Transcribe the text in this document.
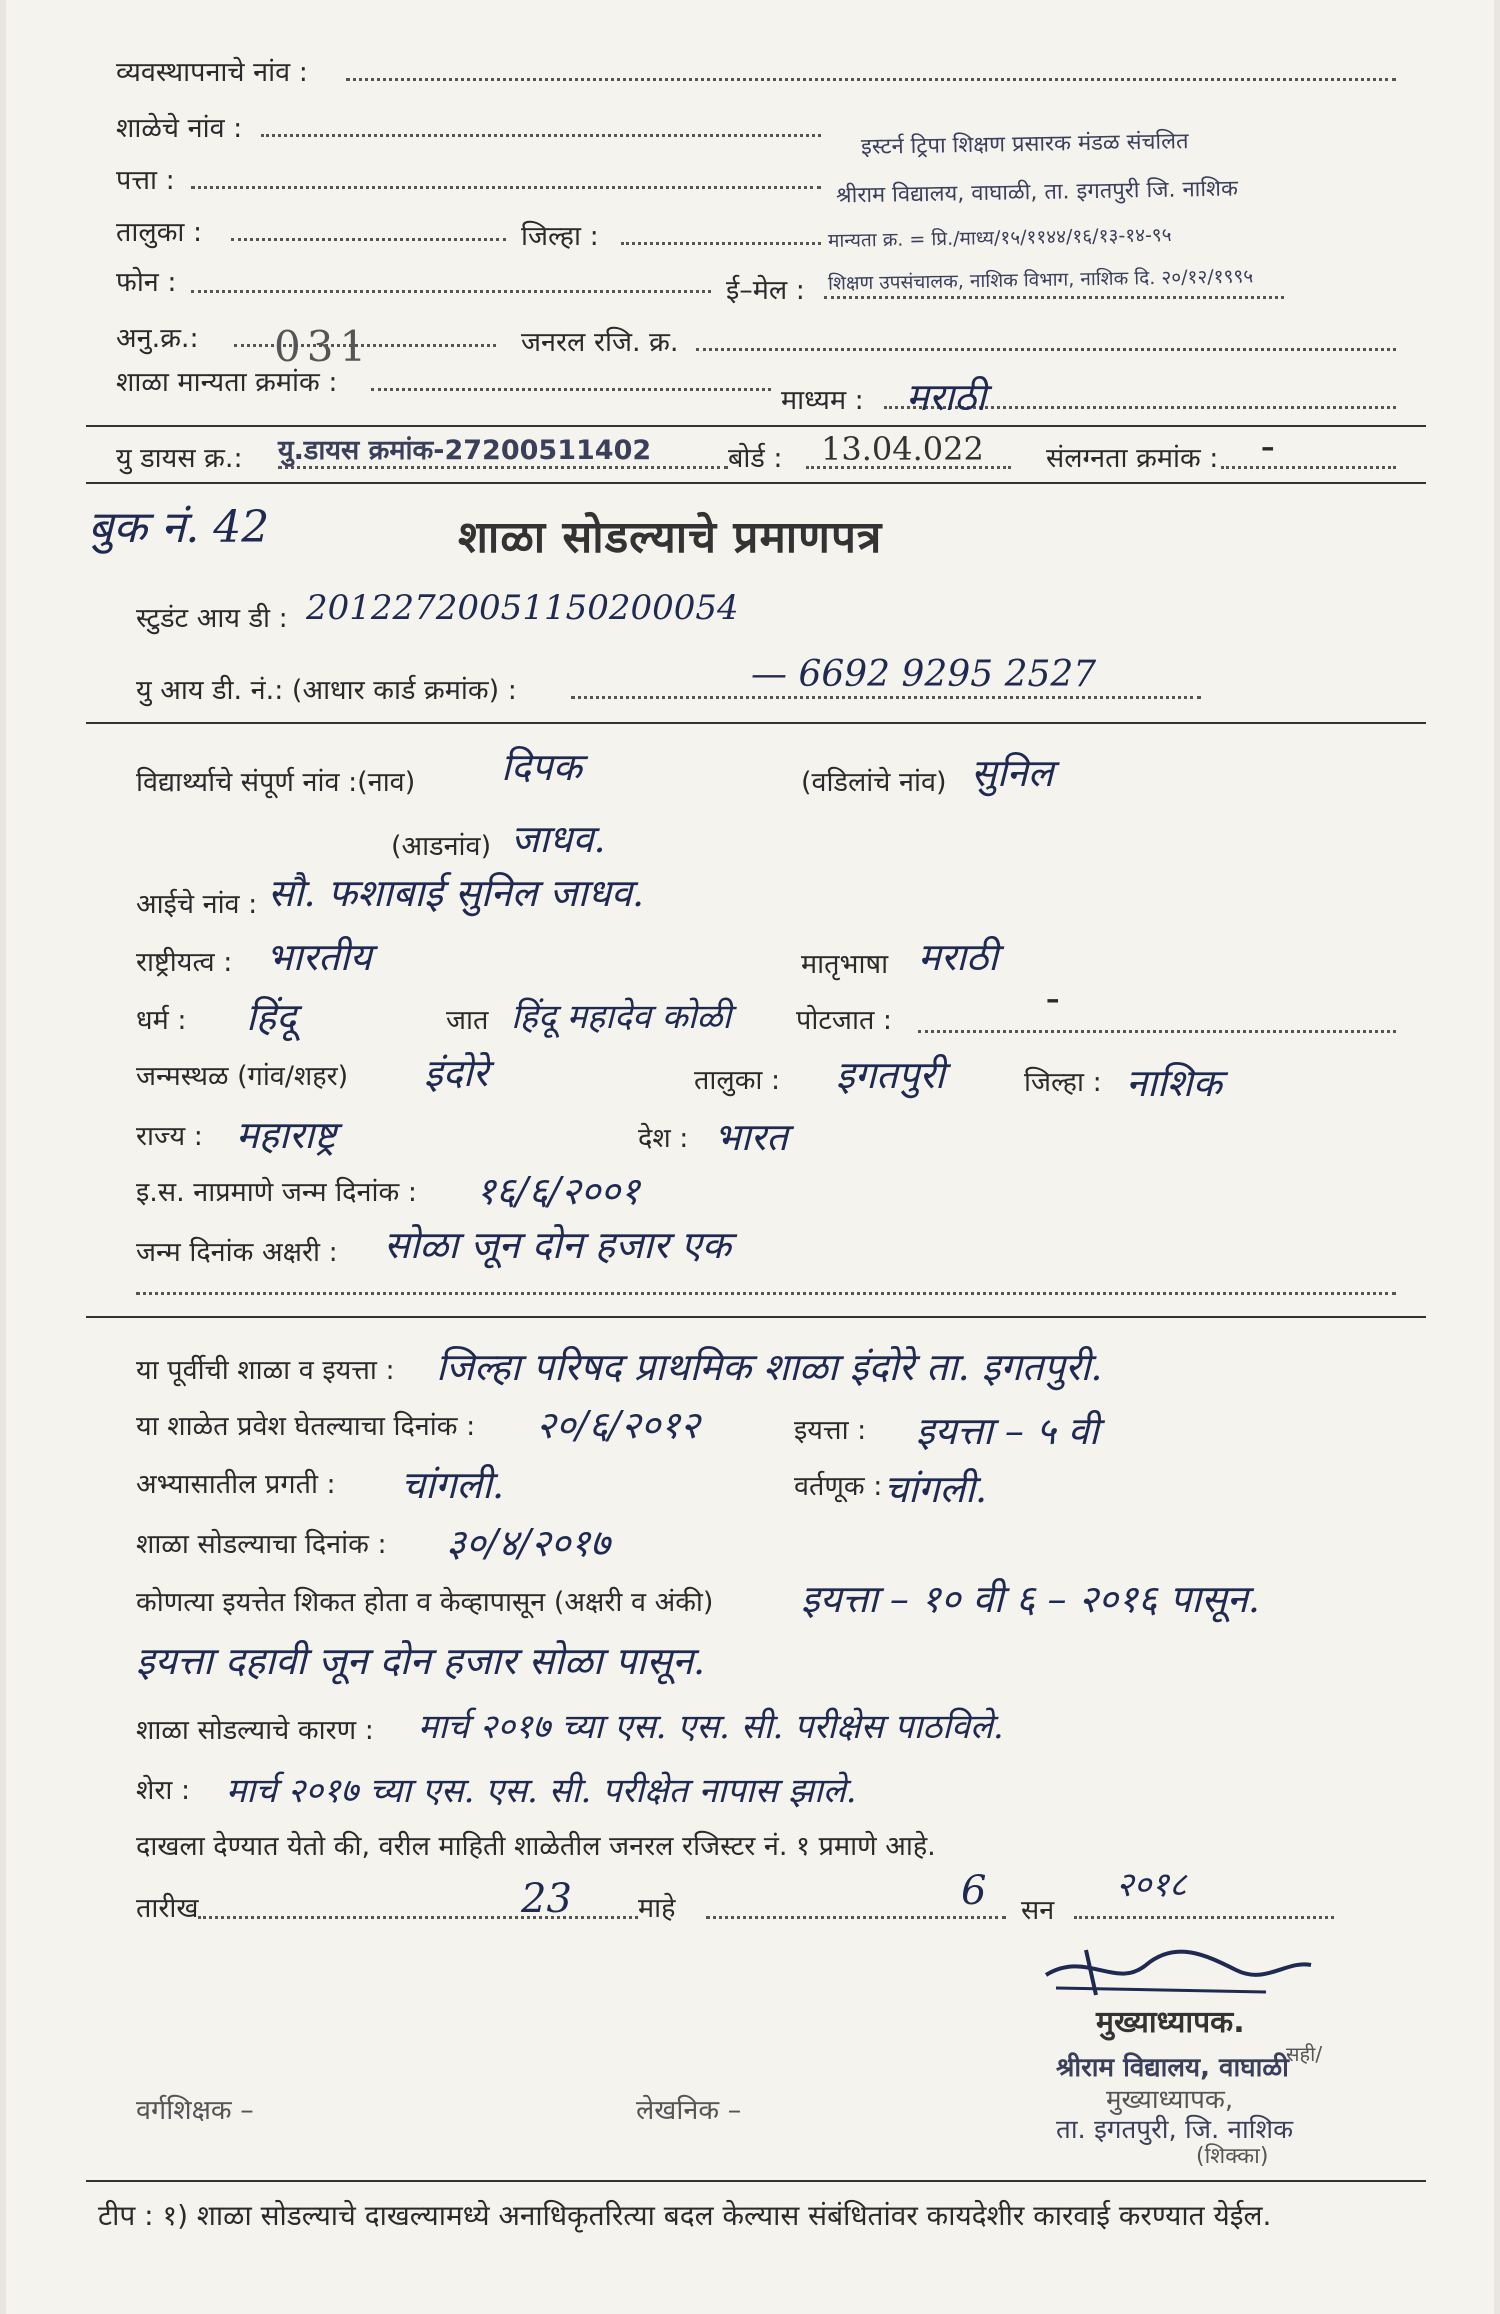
व्यवस्थापनाचे नांव :
शाळेचे नांव :
पत्ता :
तालुका :	जिल्हा :
फोन :	ई–मेल :
इस्टर्न ट्रिपा शिक्षण प्रसारक मंडळ संचलित
श्रीराम विद्यालय, वाघाळी, ता. इगतपुरी जि. नाशिक
मान्यता क्र. = प्रि./माध्य/१५/११४४/१६/१३-१४-९५
शिक्षण उपसंचालक, नाशिक विभाग, नाशिक दि. २०/१२/१९९५
अनु.क्र.: 031	जनरल रजि. क्र.
शाळा मान्यता क्रमांक :
माध्यम : मराठी
यु डायस क्र.: यु.डायस क्रमांक-27200511402	बोर्ड : 13.04.022 संलग्नता क्रमांक : –
बुक नं. 42	शाळा सोडल्याचे प्रमाणपत्र
स्टुडंट आय डी : 20122720051150200054
यु आय डी. नं.: (आधार कार्ड क्रमांक) :	— 6692 9295 2527
विद्यार्थ्याचे संपूर्ण नांव :(नाव) दिपक	(वडिलांचे नांव) सुनिल
(आडनांव) जाधव.
आईचे नांव : सौ. फशाबाई सुनिल जाधव.
राष्ट्रीयत्व : भारतीय	मातृभाषा मराठी
धर्म : हिंदू	जात हिंदू महादेव कोळी पोटजात :
–
जन्मस्थळ (गांव/शहर) इंदोरे	तालुका : इगतपुरी	जिल्हा : नाशिक
राज्य : महाराष्ट्र	देश : भारत
इ.स. नाप्रमाणे जन्म दिनांक : १६/६/२००१
जन्म दिनांक अक्षरी : सोळा जून दोन हजार एक
या पूर्वीची शाळा व इयत्ता : जिल्हा परिषद प्राथमिक शाळा इंदोरे ता. इगतपुरी.
या शाळेत प्रवेश घेतल्याचा दिनांक : २०/६/२०१२	इयत्ता : इयत्ता – ५ वी
अभ्यासातील प्रगती : चांगली.	वर्तणूक : चांगली.
शाळा सोडल्याचा दिनांक : ३०/४/२०१७
कोणत्या इयत्तेत शिकत होता व केव्हापासून (अक्षरी व अंकी) इयत्ता – १० वी ६ – २०१६ पासून.
इयत्ता दहावी जून दोन हजार सोळा पासून.
शाळा सोडल्याचे कारण : मार्च २०१७ च्या एस. एस. सी. परीक्षेस पाठविले.
शेरा : मार्च २०१७ च्या एस. एस. सी. परीक्षेत नापास झाले.
दाखला देण्यात येतो की, वरील माहिती शाळेतील जनरल रजिस्टर नं. १ प्रमाणे आहे.
तारीख	23 माहे	6 सन
२०१८
वर्गशिक्षक –	लेखनिक –
मुख्याध्यापक.
सही/
श्रीराम विद्यालय, वाघाळी
मुख्याध्यापक,
ता. इगतपुरी, जि. नाशिक
(शिक्का)
टीप : १) शाळा सोडल्याचे दाखल्यामध्ये अनाधिकृतरित्या बदल केल्यास संबंधितांवर कायदेशीर कारवाई करण्यात येईल.
